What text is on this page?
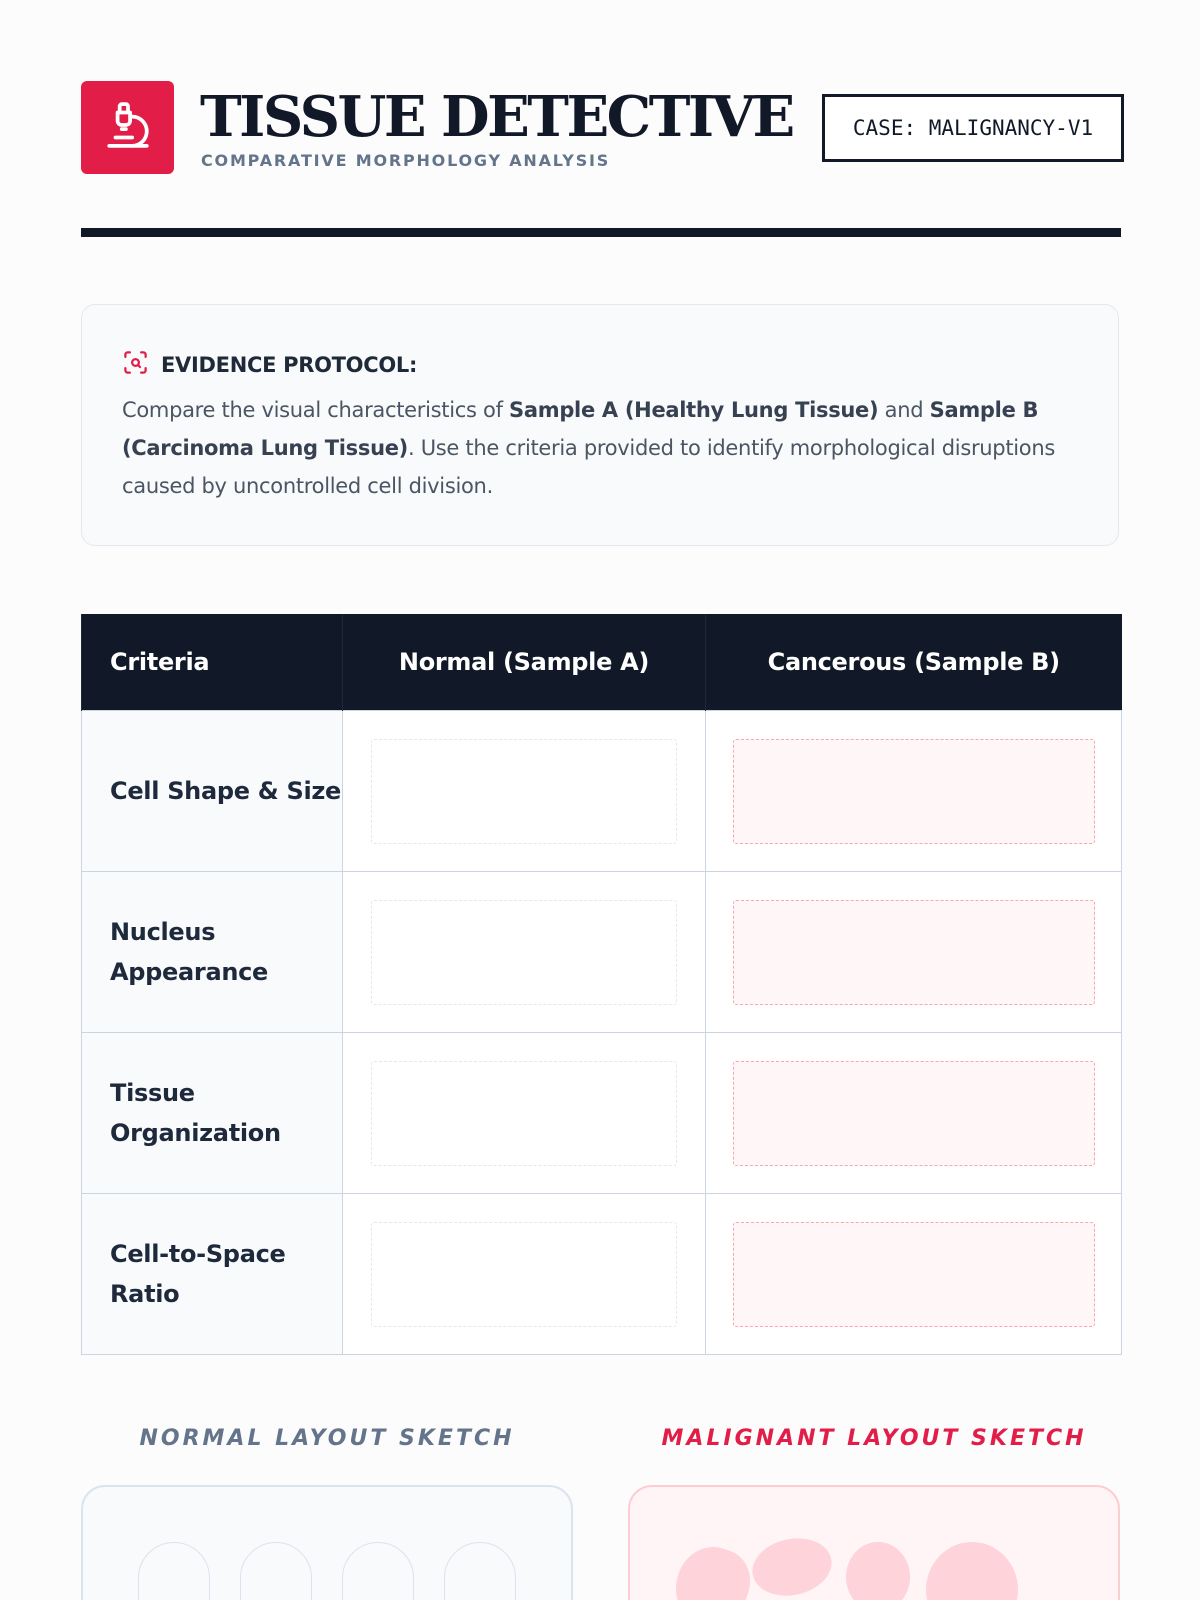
TISSUE DETECTIVE
COMPARATIVE MORPHOLOGY ANALYSIS
CASE: MALIGNANCY-V1
EVIDENCE PROTOCOL:

Compare the visual characteristics of Sample A (Healthy Lung Tissue) and Sample B (Carcinoma Lung Tissue). Use the criteria provided to identify morphological disruptions caused by uncontrolled cell division.

Criteria	Normal (Sample A)	Cancerous (Sample B)
Cell Shape & Size	

Nucleus Appearance	

Tissue Organization	

Cell-to-Space Ratio	

NORMAL LAYOUT SKETCH	MALIGNANT LAYOUT SKETCH
